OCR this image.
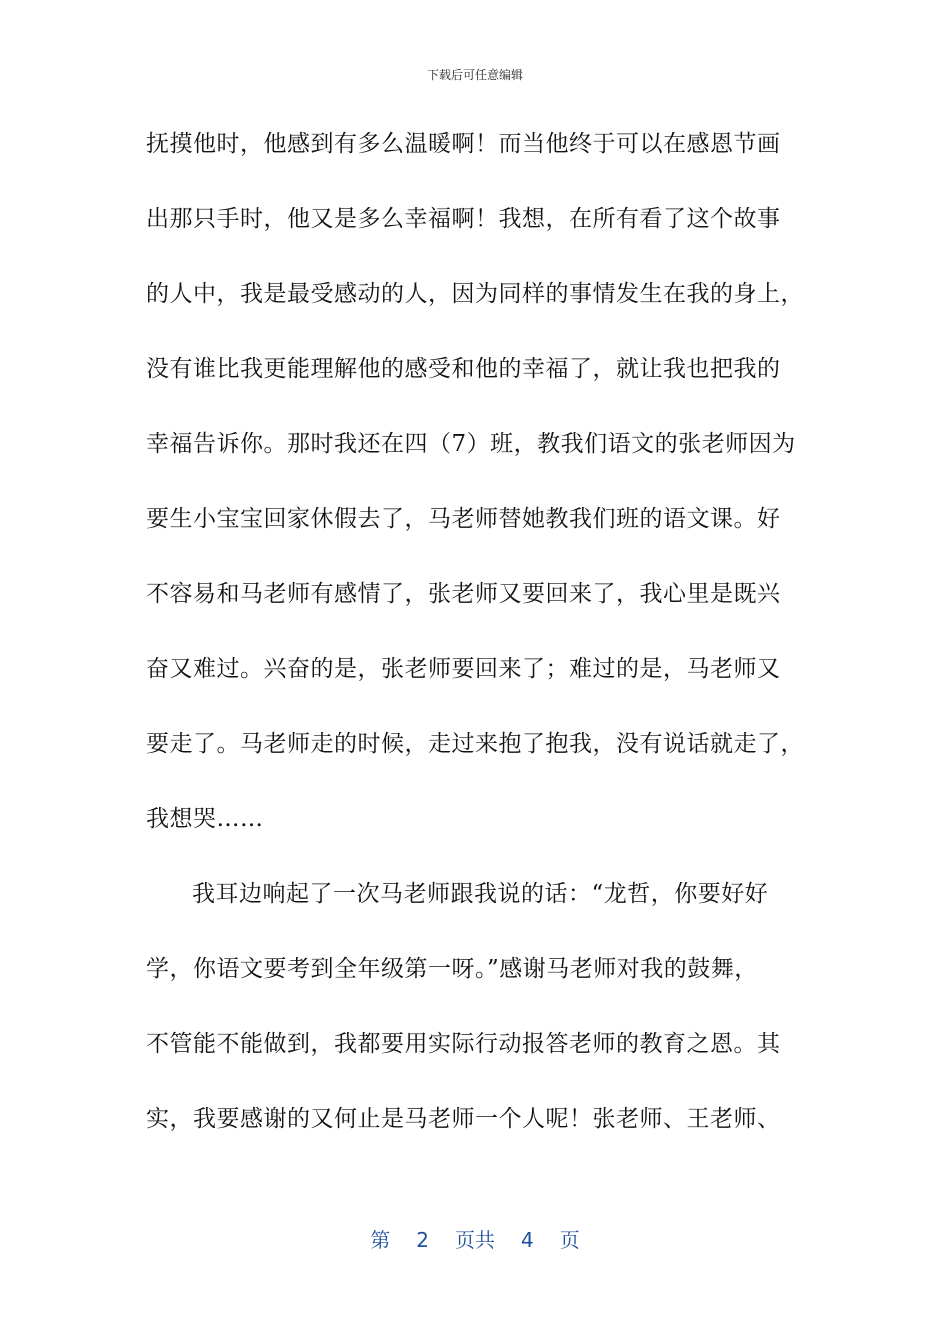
下载后可任意编辑
抚摸他时，他感到有多么温暖啊！而当他终于可以在感恩节画
出那只手时，他又是多么幸福啊！我想，在所有看了这个故事
的人中，我是最受感动的人，因为同样的事情发生在我的身上，
没有谁比我更能理解他的感受和他的幸福了，就让我也把我的
幸福告诉你。那时我还在四（7）班，教我们语文的张老师因为
要生小宝宝回家休假去了，马老师替她教我们班的语文课。好
不容易和马老师有感情了，张老师又要回来了，我心里是既兴
奋又难过。兴奋的是，张老师要回来了；难过的是，马老师又
要走了。马老师走的时候，走过来抱了抱我，没有说话就走了，
我想哭……
我耳边响起了一次马老师跟我说的话：“龙哲，你要好好
学，你语文要考到全年级第一呀。”感谢马老师对我的鼓舞，
不管能不能做到，我都要用实际行动报答老师的教育之恩。其
实，我要感谢的又何止是马老师一个人呢！张老师、王老师、
第 2 页共 4 页
